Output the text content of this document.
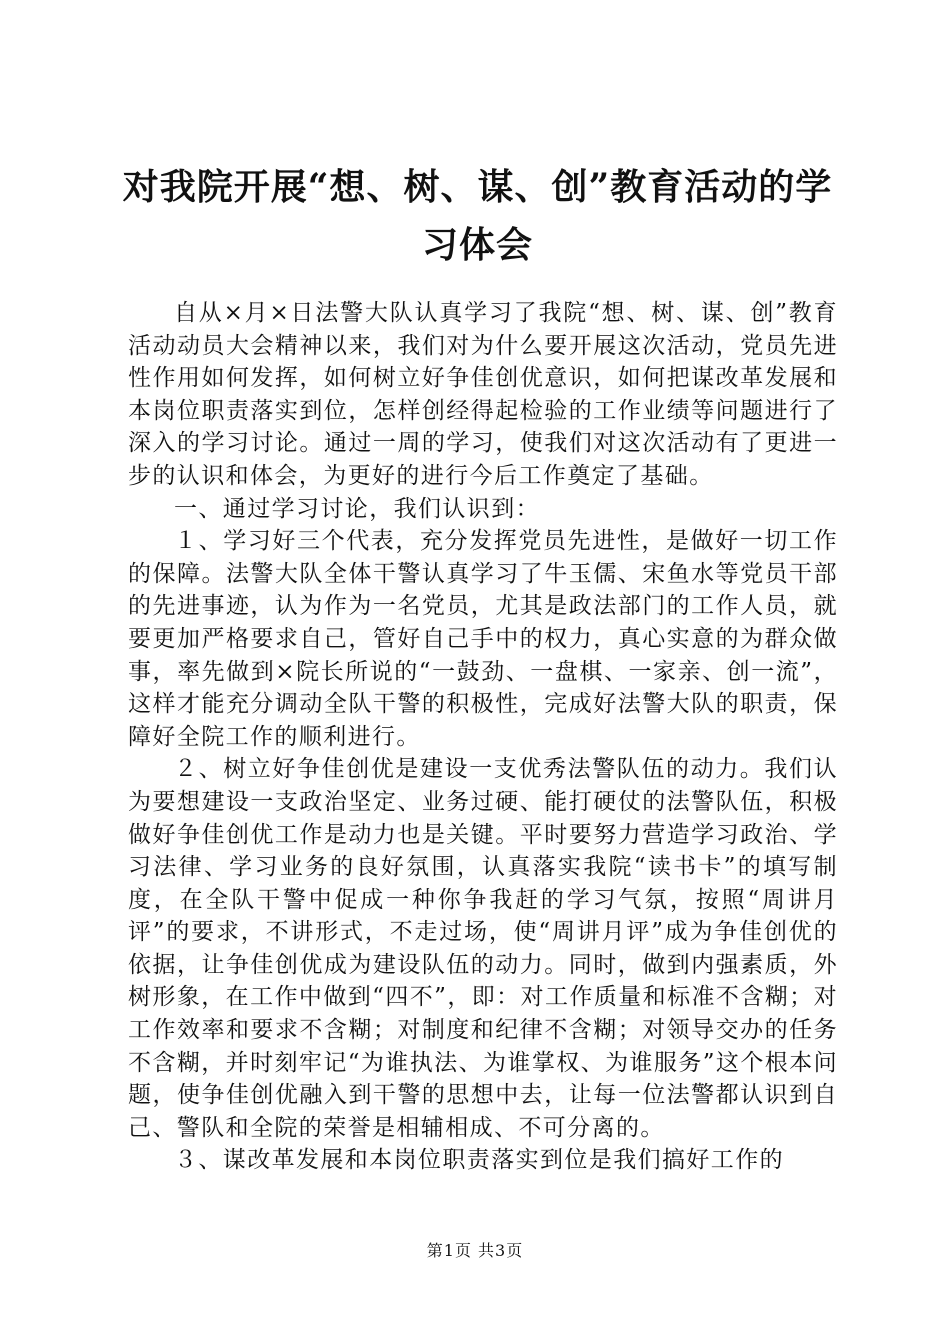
对我院开展“想、树、谋、创”教育活动的学习体会

自从×月×日法警大队认真学习了我院“想、树、谋、创”教育活动动员大会精神以来，我们对为什么要开展这次活动，党员先进性作用如何发挥，如何树立好争佳创优意识，如何把谋改革发展和本岗位职责落实到位，怎样创经得起检验的工作业绩等问题进行了深入的学习讨论。通过一周的学习，使我们对这次活动有了更进一步的认识和体会，为更好的进行今后工作奠定了基础。

一、通过学习讨论，我们认识到：

１、学习好三个代表，充分发挥党员先进性，是做好一切工作的保障。法警大队全体干警认真学习了牛玉儒、宋鱼水等党员干部的先进事迹，认为作为一名党员，尤其是政法部门的工作人员，就要更加严格要求自己，管好自己手中的权力，真心实意的为群众做事，率先做到×院长所说的“一鼓劲、一盘棋、一家亲、创一流”，这样才能充分调动全队干警的积极性，完成好法警大队的职责，保障好全院工作的顺利进行。

２、树立好争佳创优是建设一支优秀法警队伍的动力。我们认为要想建设一支政治坚定、业务过硬、能打硬仗的法警队伍，积极做好争佳创优工作是动力也是关键。平时要努力营造学习政治、学习法律、学习业务的良好氛围，认真落实我院“读书卡”的填写制度，在全队干警中促成一种你争我赶的学习气氛，按照“周讲月评”的要求，不讲形式，不走过场，使“周讲月评”成为争佳创优的依据，让争佳创优成为建设队伍的动力。同时，做到内强素质，外树形象，在工作中做到“四不”，即：对工作质量和标准不含糊；对工作效率和要求不含糊；对制度和纪律不含糊；对领导交办的任务不含糊，并时刻牢记“为谁执法、为谁掌权、为谁服务”这个根本问题，使争佳创优融入到干警的思想中去，让每一位法警都认识到自己、警队和全院的荣誉是相辅相成、不可分离的。

３、谋改革发展和本岗位职责落实到位是我们搞好工作的

第1页 共3页
